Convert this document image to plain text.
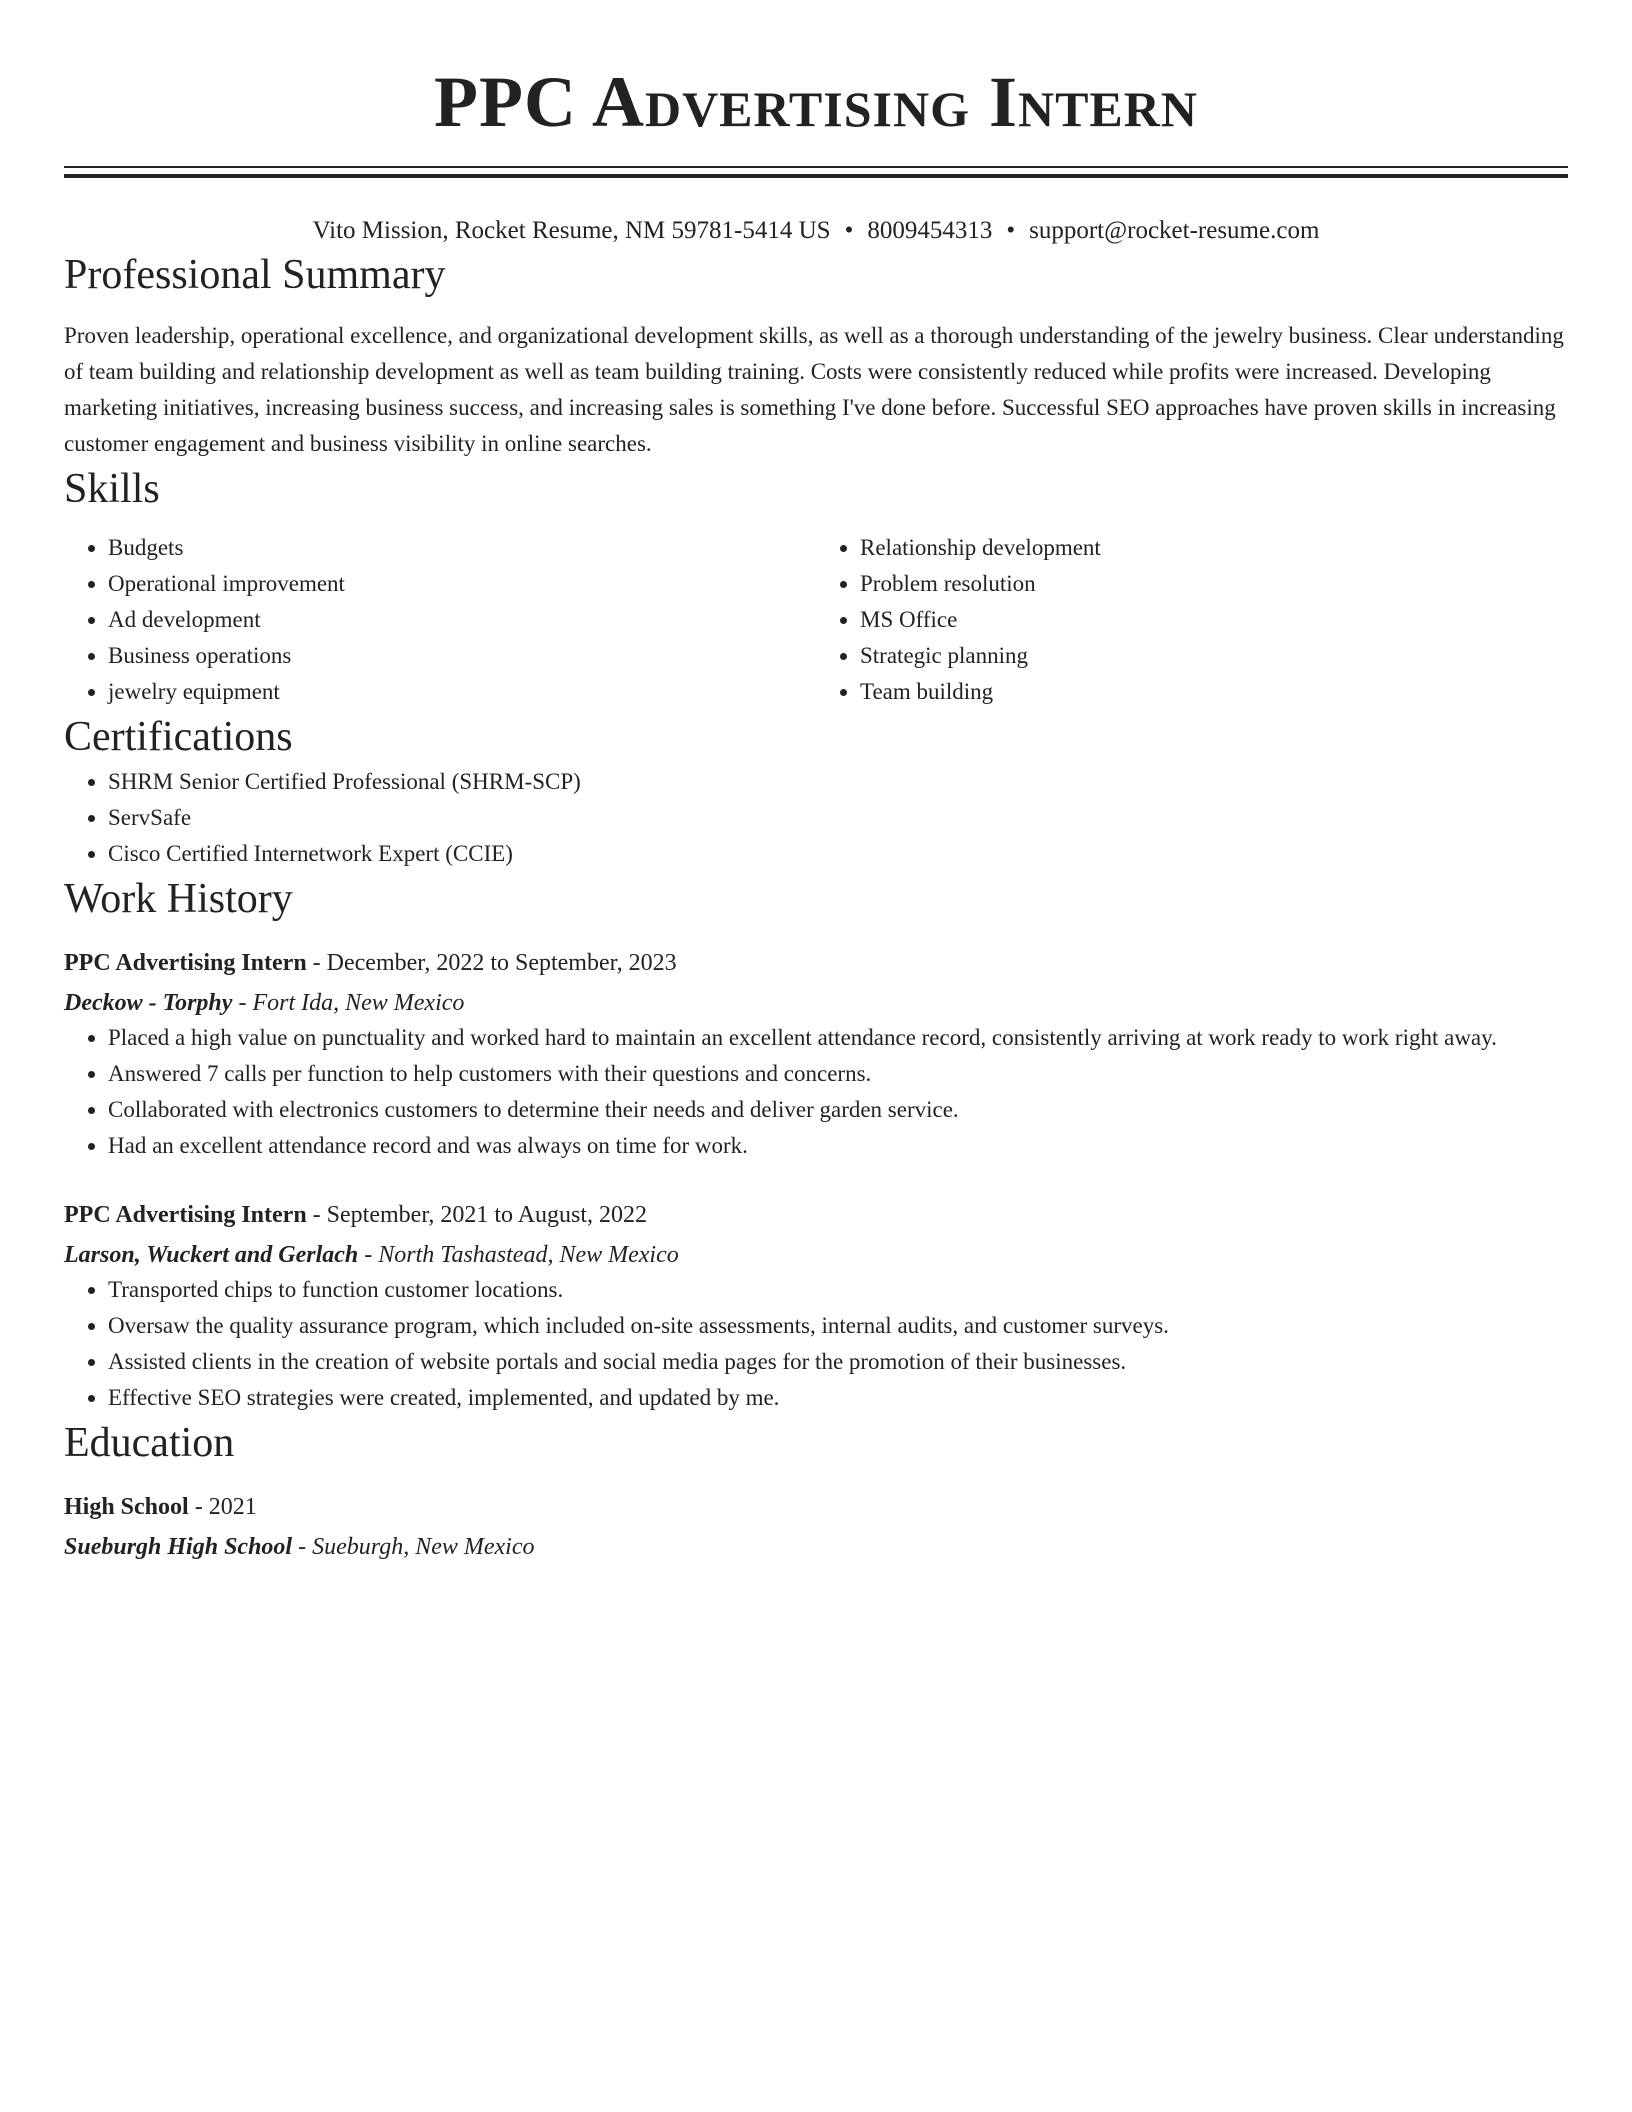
PPC Advertising Intern
Vito Mission, Rocket Resume, NM 59781-5414 US • 8009454313 • support@rocket-resume.com
Professional Summary

Proven leadership, operational excellence, and organizational development skills, as well as a thorough understanding of the jewelry business. Clear understanding of team building and relationship development as well as team building training. Costs were consistently reduced while profits were increased. Developing marketing initiatives, increasing business success, and increasing sales is something I've done before. Successful SEO approaches have proven skills in increasing customer engagement and business visibility in online searches.

Skills
• Budgets
• Operational improvement
• Ad development
• Business operations
• jewelry equipment
• Relationship development
• Problem resolution
• MS Office
• Strategic planning
• Team building
Certifications
• SHRM Senior Certified Professional (SHRM-SCP)
• ServSafe
• Cisco Certified Internetwork Expert (CCIE)
Work History
PPC Advertising Intern - December, 2022 to September, 2023
Deckow - Torphy - Fort Ida, New Mexico
• Placed a high value on punctuality and worked hard to maintain an excellent attendance record, consistently arriving at work ready to work right away.
• Answered 7 calls per function to help customers with their questions and concerns.
• Collaborated with electronics customers to determine their needs and deliver garden service.
• Had an excellent attendance record and was always on time for work.
PPC Advertising Intern - September, 2021 to August, 2022
Larson, Wuckert and Gerlach - North Tashastead, New Mexico
• Transported chips to function customer locations.
• Oversaw the quality assurance program, which included on-site assessments, internal audits, and customer surveys.
• Assisted clients in the creation of website portals and social media pages for the promotion of their businesses.
• Effective SEO strategies were created, implemented, and updated by me.
Education
High School - 2021
Sueburgh High School - Sueburgh, New Mexico
